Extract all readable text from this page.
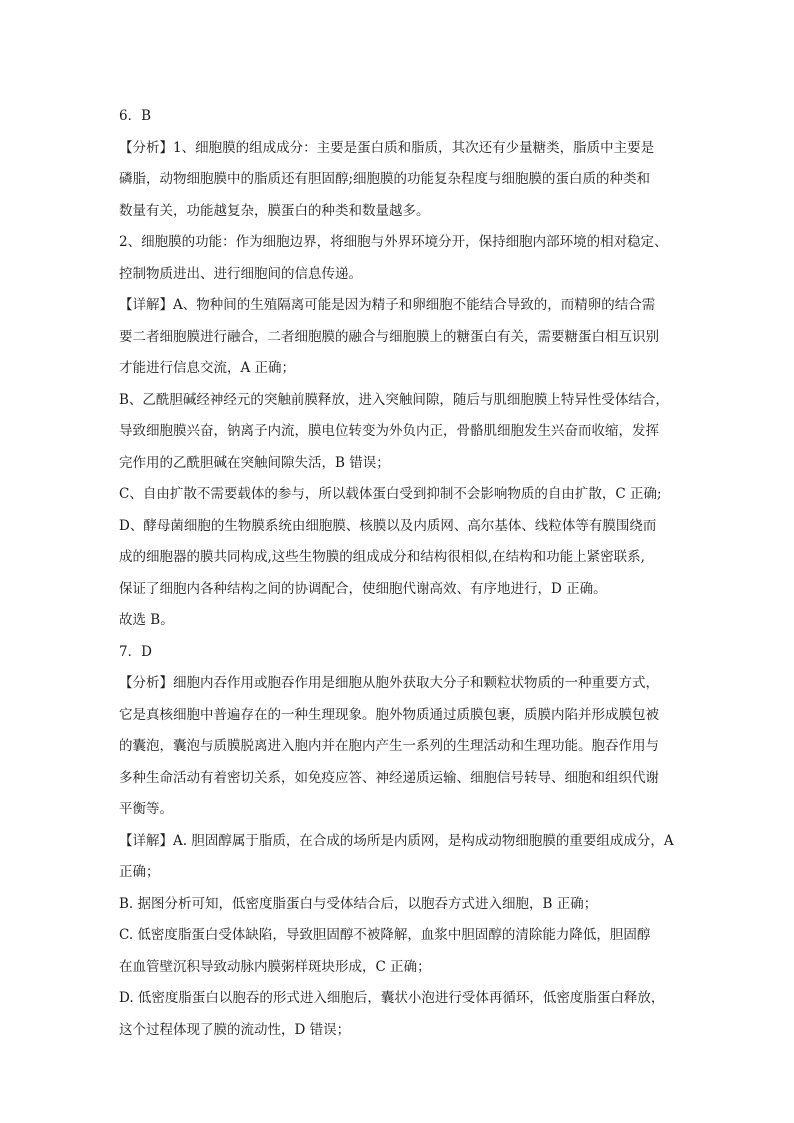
6．B
【分析】1、细胞膜的组成成分：主要是蛋白质和脂质，其次还有少量糖类，脂质中主要是
磷脂，动物细胞膜中的脂质还有胆固醇;细胞膜的功能复杂程度与细胞膜的蛋白质的种类和
数量有关，功能越复杂，膜蛋白的种类和数量越多。
2、细胞膜的功能：作为细胞边界，将细胞与外界环境分开，保持细胞内部环境的相对稳定、
控制物质进出、进行细胞间的信息传递。
【详解】A、物种间的生殖隔离可能是因为精子和卵细胞不能结合导致的，而精卵的结合需
要二者细胞膜进行融合，二者细胞膜的融合与细胞膜上的糖蛋白有关，需要糖蛋白相互识别
才能进行信息交流，A 正确；
B、乙酰胆碱经神经元的突触前膜释放，进入突触间隙，随后与肌细胞膜上特异性受体结合，
导致细胞膜兴奋，钠离子内流，膜电位转变为外负内正，骨骼肌细胞发生兴奋而收缩，发挥
完作用的乙酰胆碱在突触间隙失活，B 错误；
C、自由扩散不需要载体的参与，所以载体蛋白受到抑制不会影响物质的自由扩散，C 正确;
D、酵母菌细胞的生物膜系统由细胞膜、核膜以及内质网、高尔基体、线粒体等有膜围绕而
成的细胞器的膜共同构成,这些生物膜的组成成分和结构很相似,在结构和功能上紧密联系,
保证了细胞内各种结构之间的协调配合，使细胞代谢高效、有序地进行，D 正确。
故选 B。
7．D
【分析】细胞内吞作用或胞吞作用是细胞从胞外获取大分子和颗粒状物质的一种重要方式，
它是真核细胞中普遍存在的一种生理现象。胞外物质通过质膜包裹，质膜内陷并形成膜包被
的囊泡，囊泡与质膜脱离进入胞内并在胞内产生一系列的生理活动和生理功能。胞吞作用与
多种生命活动有着密切关系，如免疫应答、神经递质运输、细胞信号转导、细胞和组织代谢
平衡等。
【详解】A. 胆固醇属于脂质，在合成的场所是内质网，是构成动物细胞膜的重要组成成分，A
正确；
B. 据图分析可知，低密度脂蛋白与受体结合后，以胞吞方式进入细胞，B 正确；
C. 低密度脂蛋白受体缺陷，导致胆固醇不被降解，血浆中胆固醇的清除能力降低，胆固醇
在血管壁沉积导致动脉内膜粥样斑块形成，C 正确；
D. 低密度脂蛋白以胞吞的形式进入细胞后，囊状小泡进行受体再循环，低密度脂蛋白释放，
这个过程体现了膜的流动性，D 错误；
